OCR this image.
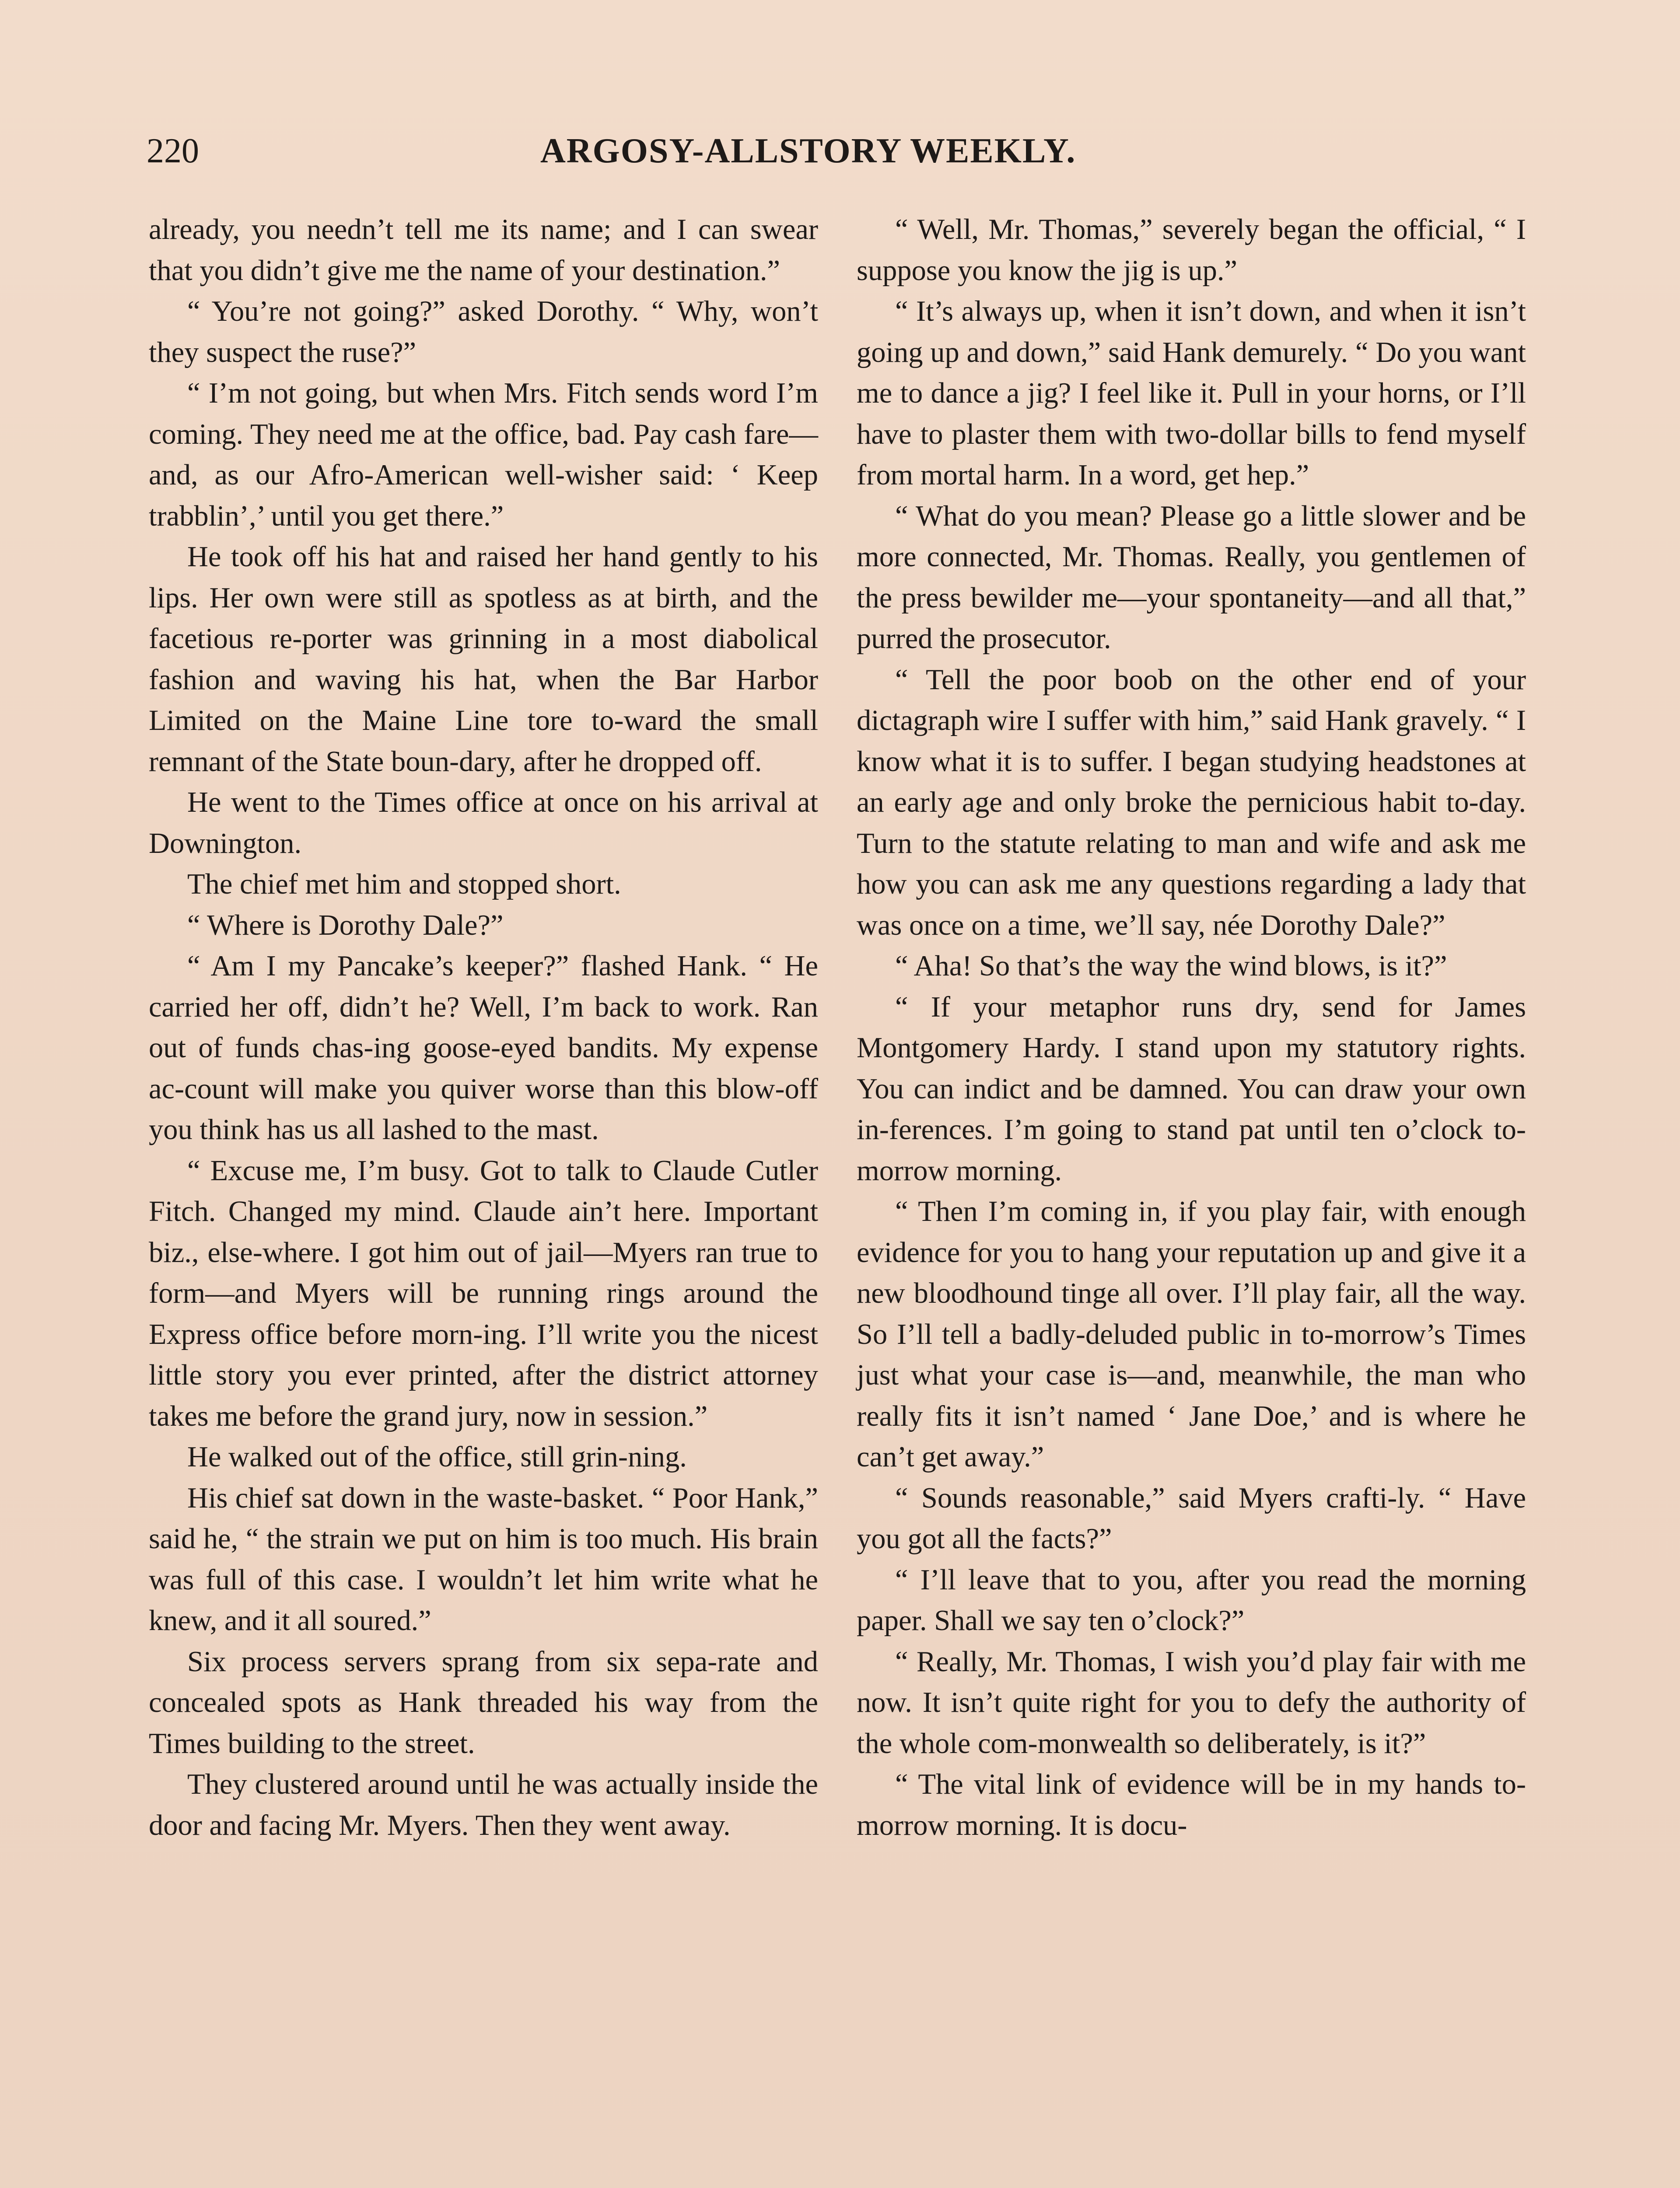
220	ARGOSY-ALLSTORY WEEKLY.

already, you needn’t tell me its name; and I can swear that you didn’t give me the name of your destination.”

“ You’re not going?” asked Dorothy. “ Why, won’t they suspect the ruse?”

“ I’m not going, but when Mrs. Fitch sends word I’m coming. They need me at the office, bad. Pay cash fare—and, as our Afro-American well-wisher said: ‘ Keep trabblin’,’ until you get there.”

He took off his hat and raised her hand gently to his lips. Her own were still as spotless as at birth, and the facetious re-porter was grinning in a most diabolical fashion and waving his hat, when the Bar Harbor Limited on the Maine Line tore to-ward the small remnant of the State boun-dary, after he dropped off.

He went to the Times office at once on his arrival at Downington.

The chief met him and stopped short.

“ Where is Dorothy Dale?”

“ Am I my Pancake’s keeper?” flashed Hank. “ He carried her off, didn’t he? Well, I’m back to work. Ran out of funds chas-ing goose-eyed bandits. My expense ac-count will make you quiver worse than this blow-off you think has us all lashed to the mast.

“ Excuse me, I’m busy. Got to talk to Claude Cutler Fitch. Changed my mind. Claude ain’t here. Important biz., else-where. I got him out of jail—Myers ran true to form—and Myers will be running rings around the Express office before morn-ing. I’ll write you the nicest little story you ever printed, after the district attorney takes me before the grand jury, now in session.”

He walked out of the office, still grin-ning.

His chief sat down in the waste-basket. “ Poor Hank,” said he, “ the strain we put on him is too much. His brain was full of this case. I wouldn’t let him write what he knew, and it all soured.”

Six process servers sprang from six sepa-rate and concealed spots as Hank threaded his way from the Times building to the street.

They clustered around until he was actually inside the door and facing Mr. Myers. Then they went away.

“ Well, Mr. Thomas,” severely began the official, “ I suppose you know the jig is up.”

“ It’s always up, when it isn’t down, and when it isn’t going up and down,” said Hank demurely. “ Do you want me to dance a jig? I feel like it. Pull in your horns, or I’ll have to plaster them with two-dollar bills to fend myself from mortal harm. In a word, get hep.”

“ What do you mean? Please go a little slower and be more connected, Mr. Thomas. Really, you gentlemen of the press bewilder me—your spontaneity—and all that,” purred the prosecutor.

“ Tell the poor boob on the other end of your dictagraph wire I suffer with him,” said Hank gravely. “ I know what it is to suffer. I began studying headstones at an early age and only broke the pernicious habit to-day. Turn to the statute relating to man and wife and ask me how you can ask me any questions regarding a lady that was once on a time, we’ll say, née Dorothy Dale?”

“ Aha! So that’s the way the wind blows, is it?”

“ If your metaphor runs dry, send for James Montgomery Hardy. I stand upon my statutory rights. You can indict and be damned. You can draw your own in-ferences. I’m going to stand pat until ten o’clock to-morrow morning.

“ Then I’m coming in, if you play fair, with enough evidence for you to hang your reputation up and give it a new bloodhound tinge all over. I’ll play fair, all the way. So I’ll tell a badly-deluded public in to-morrow’s Times just what your case is—and, meanwhile, the man who really fits it isn’t named ‘ Jane Doe,’ and is where he can’t get away.”

“ Sounds reasonable,” said Myers crafti-ly. “ Have you got all the facts?”

“ I’ll leave that to you, after you read the morning paper. Shall we say ten o’clock?”

“ Really, Mr. Thomas, I wish you’d play fair with me now. It isn’t quite right for you to defy the authority of the whole com-monwealth so deliberately, is it?”

“ The vital link of evidence will be in my hands to-morrow morning. It is docu-
